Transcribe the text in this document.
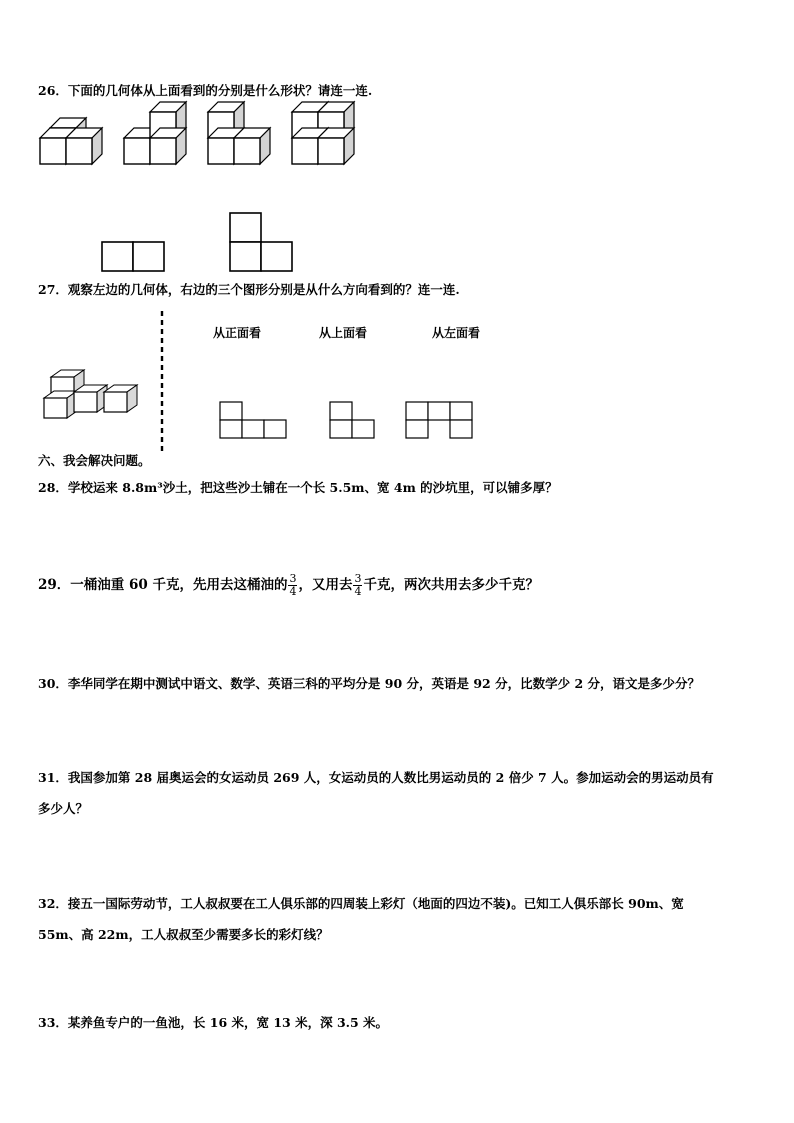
26．下面的几何体从上面看到的分别是什么形状？请连一连.
27．观察左边的几何体，右边的三个图形分别是从什么方向看到的？连一连.
从正面看	从上面看	从左面看
六、我会解决问题。
28．学校运来 8.8m³沙土，把这些沙土铺在一个长 5.5m、宽 4m 的沙坑里，可以铺多厚？
29．一桶油重 60 千克，先用去这桶油的 $\frac{3}{4}$ ，又用去 $\frac{3}{4}$ 千克，两次共用去多少千克？
30．李华同学在期中测试中语文、数学、英语三科的平均分是 90 分，英语是 92 分，比数学少 2 分，语文是多少分？
31．我国参加第 28 届奥运会的女运动员 269 人，女运动员的人数比男运动员的 2 倍少 7 人。参加运动会的男运动员有
多少人？
32．接五一国际劳动节，工人叔叔要在工人俱乐部的四周装上彩灯（地面的四边不装)。已知工人俱乐部长 90m、宽
55m、高 22m，工人叔叔至少需要多长的彩灯线？
33．某养鱼专户的一鱼池，长 16 米，宽 13 米，深 3.5 米。
